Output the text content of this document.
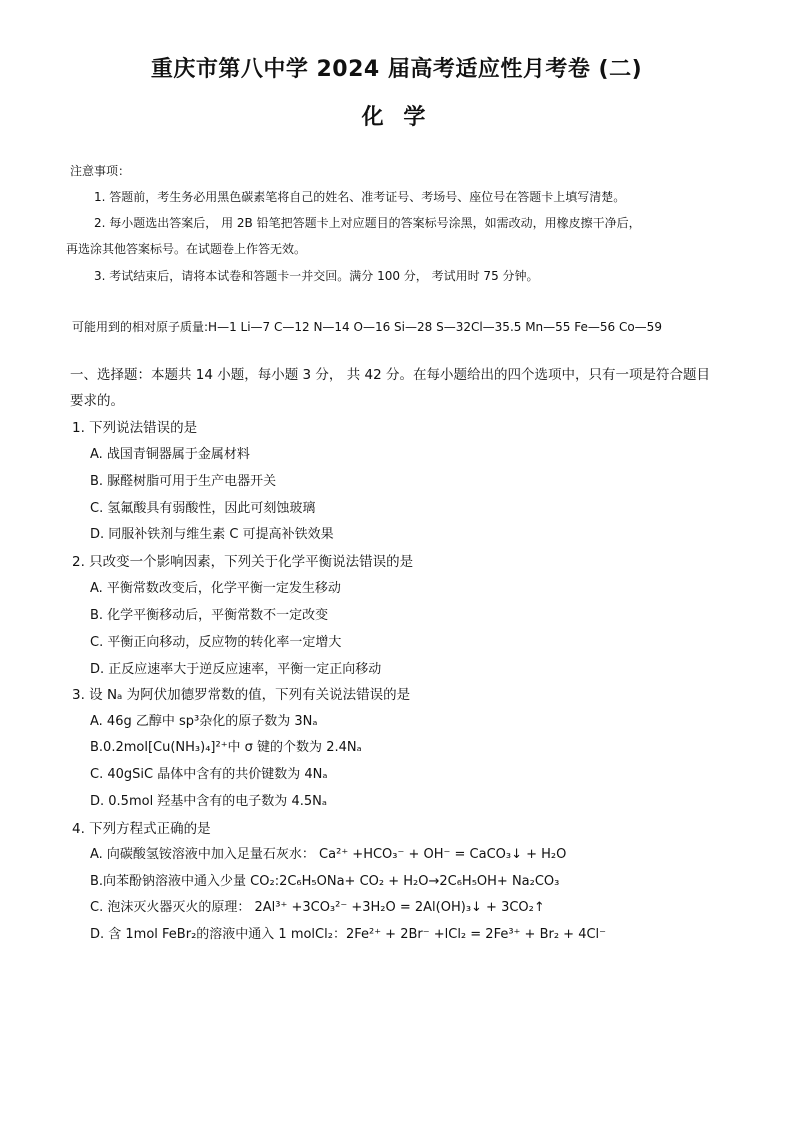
重庆市第八中学 2024 届高考适应性月考卷 (二)
化 学
注意事项：
1. 答题前，考生务必用黑色碳素笔将自己的姓名、准考证号、考场号、座位号在答题卡上填写清楚。
2. 每小题选出答案后， 用 2B 铅笔把答题卡上对应题目的答案标号涂黑，如需改动，用橡皮擦干净后，
再选涂其他答案标号。在试题卷上作答无效。
3. 考试结束后，请将本试卷和答题卡一并交回。满分 100 分， 考试用时 75 分钟。
可能用到的相对原子质量:H—1 Li—7 C—12 N—14 O—16 Si—28 S—32Cl—35.5 Mn—55 Fe—56 Co—59
一、选择题：本题共 14 小题，每小题 3 分， 共 42 分。在每小题给出的四个选项中，只有一项是符合题目
要求的。
1. 下列说法错误的是
A. 战国青铜器属于金属材料
B. 脲醛树脂可用于生产电器开关
C. 氢氟酸具有弱酸性，因此可刻蚀玻璃
D. 同服补铁剂与维生素 C 可提高补铁效果
2. 只改变一个影响因素，下列关于化学平衡说法错误的是
A. 平衡常数改变后，化学平衡一定发生移动
B. 化学平衡移动后，平衡常数不一定改变
C. 平衡正向移动，反应物的转化率一定增大
D. 正反应速率大于逆反应速率，平衡一定正向移动
3. 设 Nₐ 为阿伏加德罗常数的值，下列有关说法错误的是
A. 46g 乙醇中 sp³杂化的原子数为 3Nₐ
B.0.2mol[Cu(NH₃)₄]²⁺中 σ 键的个数为 2.4Nₐ
C. 40gSiC 晶体中含有的共价键数为 4Nₐ
D. 0.5mol 羟基中含有的电子数为 4.5Nₐ
4. 下列方程式正确的是
A. 向碳酸氢铵溶液中加入足量石灰水： Ca²⁺ +HCO₃⁻ + OH⁻ = CaCO₃↓ + H₂O
B.向苯酚钠溶液中通入少量 CO₂:2C₆H₅ONa+ CO₂ + H₂O→2C₆H₅OH+ Na₂CO₃
C. 泡沫灭火器灭火的原理： 2Al³⁺ +3CO₃²⁻ +3H₂O = 2Al(OH)₃↓ + 3CO₂↑
D. 含 1mol FeBr₂的溶液中通入 1 molCl₂：2Fe²⁺ + 2Br⁻ +lCl₂ = 2Fe³⁺ + Br₂ + 4Cl⁻
